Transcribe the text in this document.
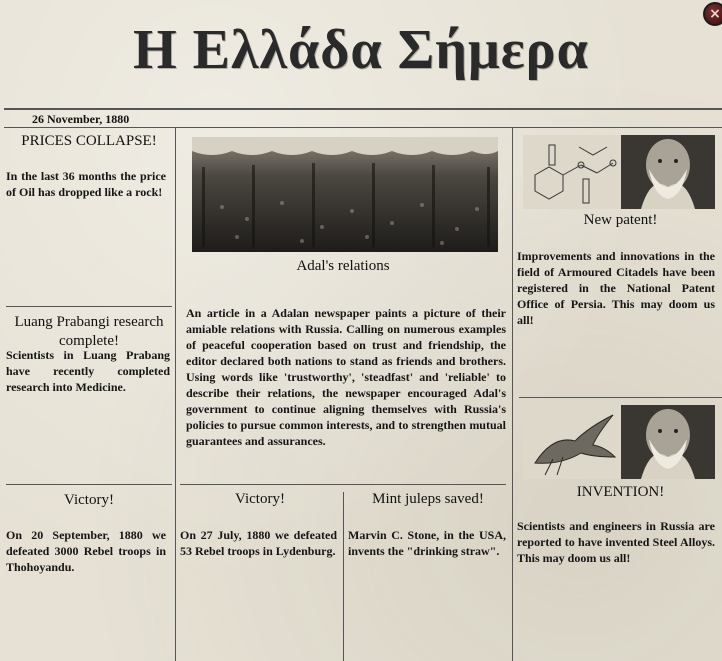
Η Ελλάδα Σήμερα
×
26 November, 1880
PRICES COLLAPSE!
In the last 36 months the price of Oil has dropped like a rock!
Luang Prabangi research complete!
Scientists in Luang Prabang have recently completed research into Medicine.
Victory!
On 20 September, 1880 we defeated 3000 Rebel troops in Thohoyandu.
Adal's relations
An article in a Adalan newspaper paints a picture of their amiable relations with Russia. Calling on numerous examples of peaceful cooperation based on trust and friendship, the editor declared both nations to stand as friends and brothers. Using words like 'trustworthy', 'steadfast' and 'reliable' to describe their relations, the newspaper encouraged Adal's government to continue aligning themselves with Russia's policies to pursue common interests, and to strengthen mutual guarantees and assurances.
Victory!
On 27 July, 1880 we defeated 53 Rebel troops in Lydenburg.
Mint juleps saved!
Marvin C. Stone, in the USA, invents the "drinking straw".
New patent!
Improvements and innovations in the field of Armoured Citadels have been registered in the National Patent Office of Persia. This may doom us all!
INVENTION!
Scientists and engineers in Russia are reported to have invented Steel Alloys. This may doom us all!
